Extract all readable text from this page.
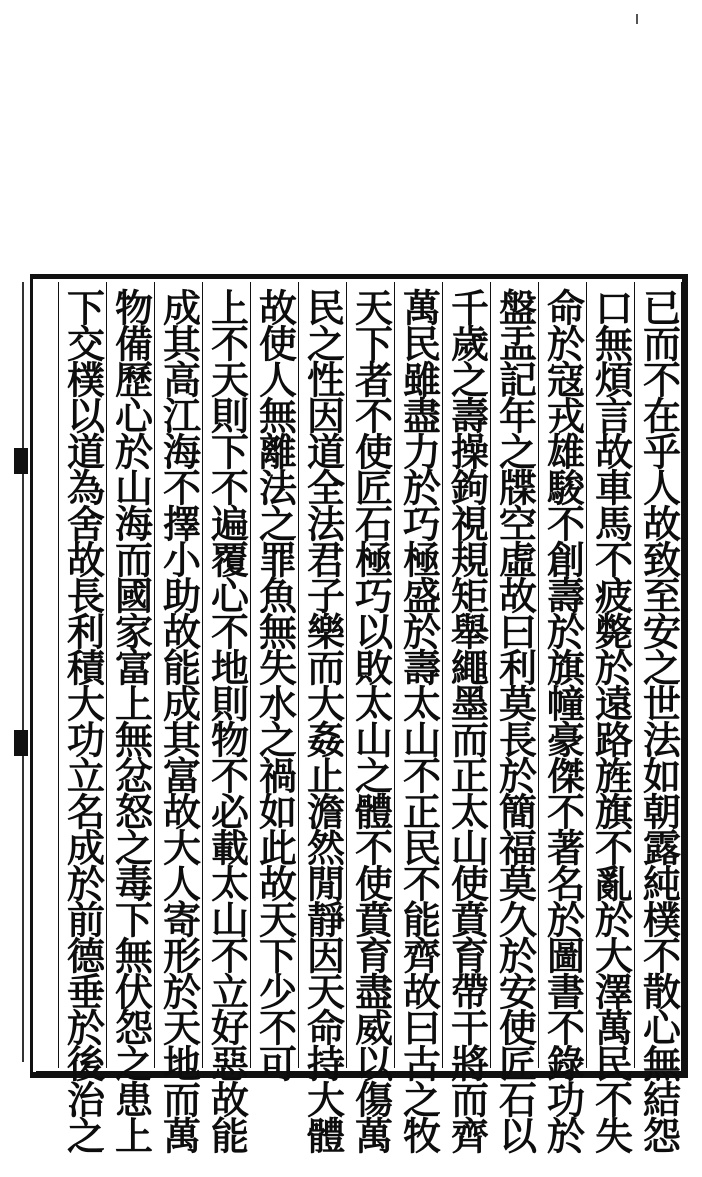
已而不在乎人故致至安之世法如朝露純樸不散心無結怨
口無煩言故車馬不疲斃於遠路旌旗不亂於大澤萬民不失
命於寇戎雄駿不創壽於旗幢豪傑不著名於圖書不錄功於
盤盂記年之牒空虛故曰利莫長於簡福莫久於安使匠石以
千歲之壽操鉤視規矩舉繩墨而正太山使賁育帶干將而齊
萬民雖盡力於巧極盛於壽太山不正民不能齊故曰古之牧
天下者不使匠石極巧以敗太山之體不使賁育盡威以傷萬
民之性因道全法君子樂而大姦止澹然閒靜因天命持大體
故使人無離法之罪魚無失水之禍如此故天下少不可
上不天則下不遍覆心不地則物不必載太山不立好惡故能
成其高江海不擇小助故能成其富故大人寄形於天地而萬
物備歷心於山海而國家富上無忿怒之毒下無伏怨之患上
下交樸以道為舍故長利積大功立名成於前德垂於後治之
